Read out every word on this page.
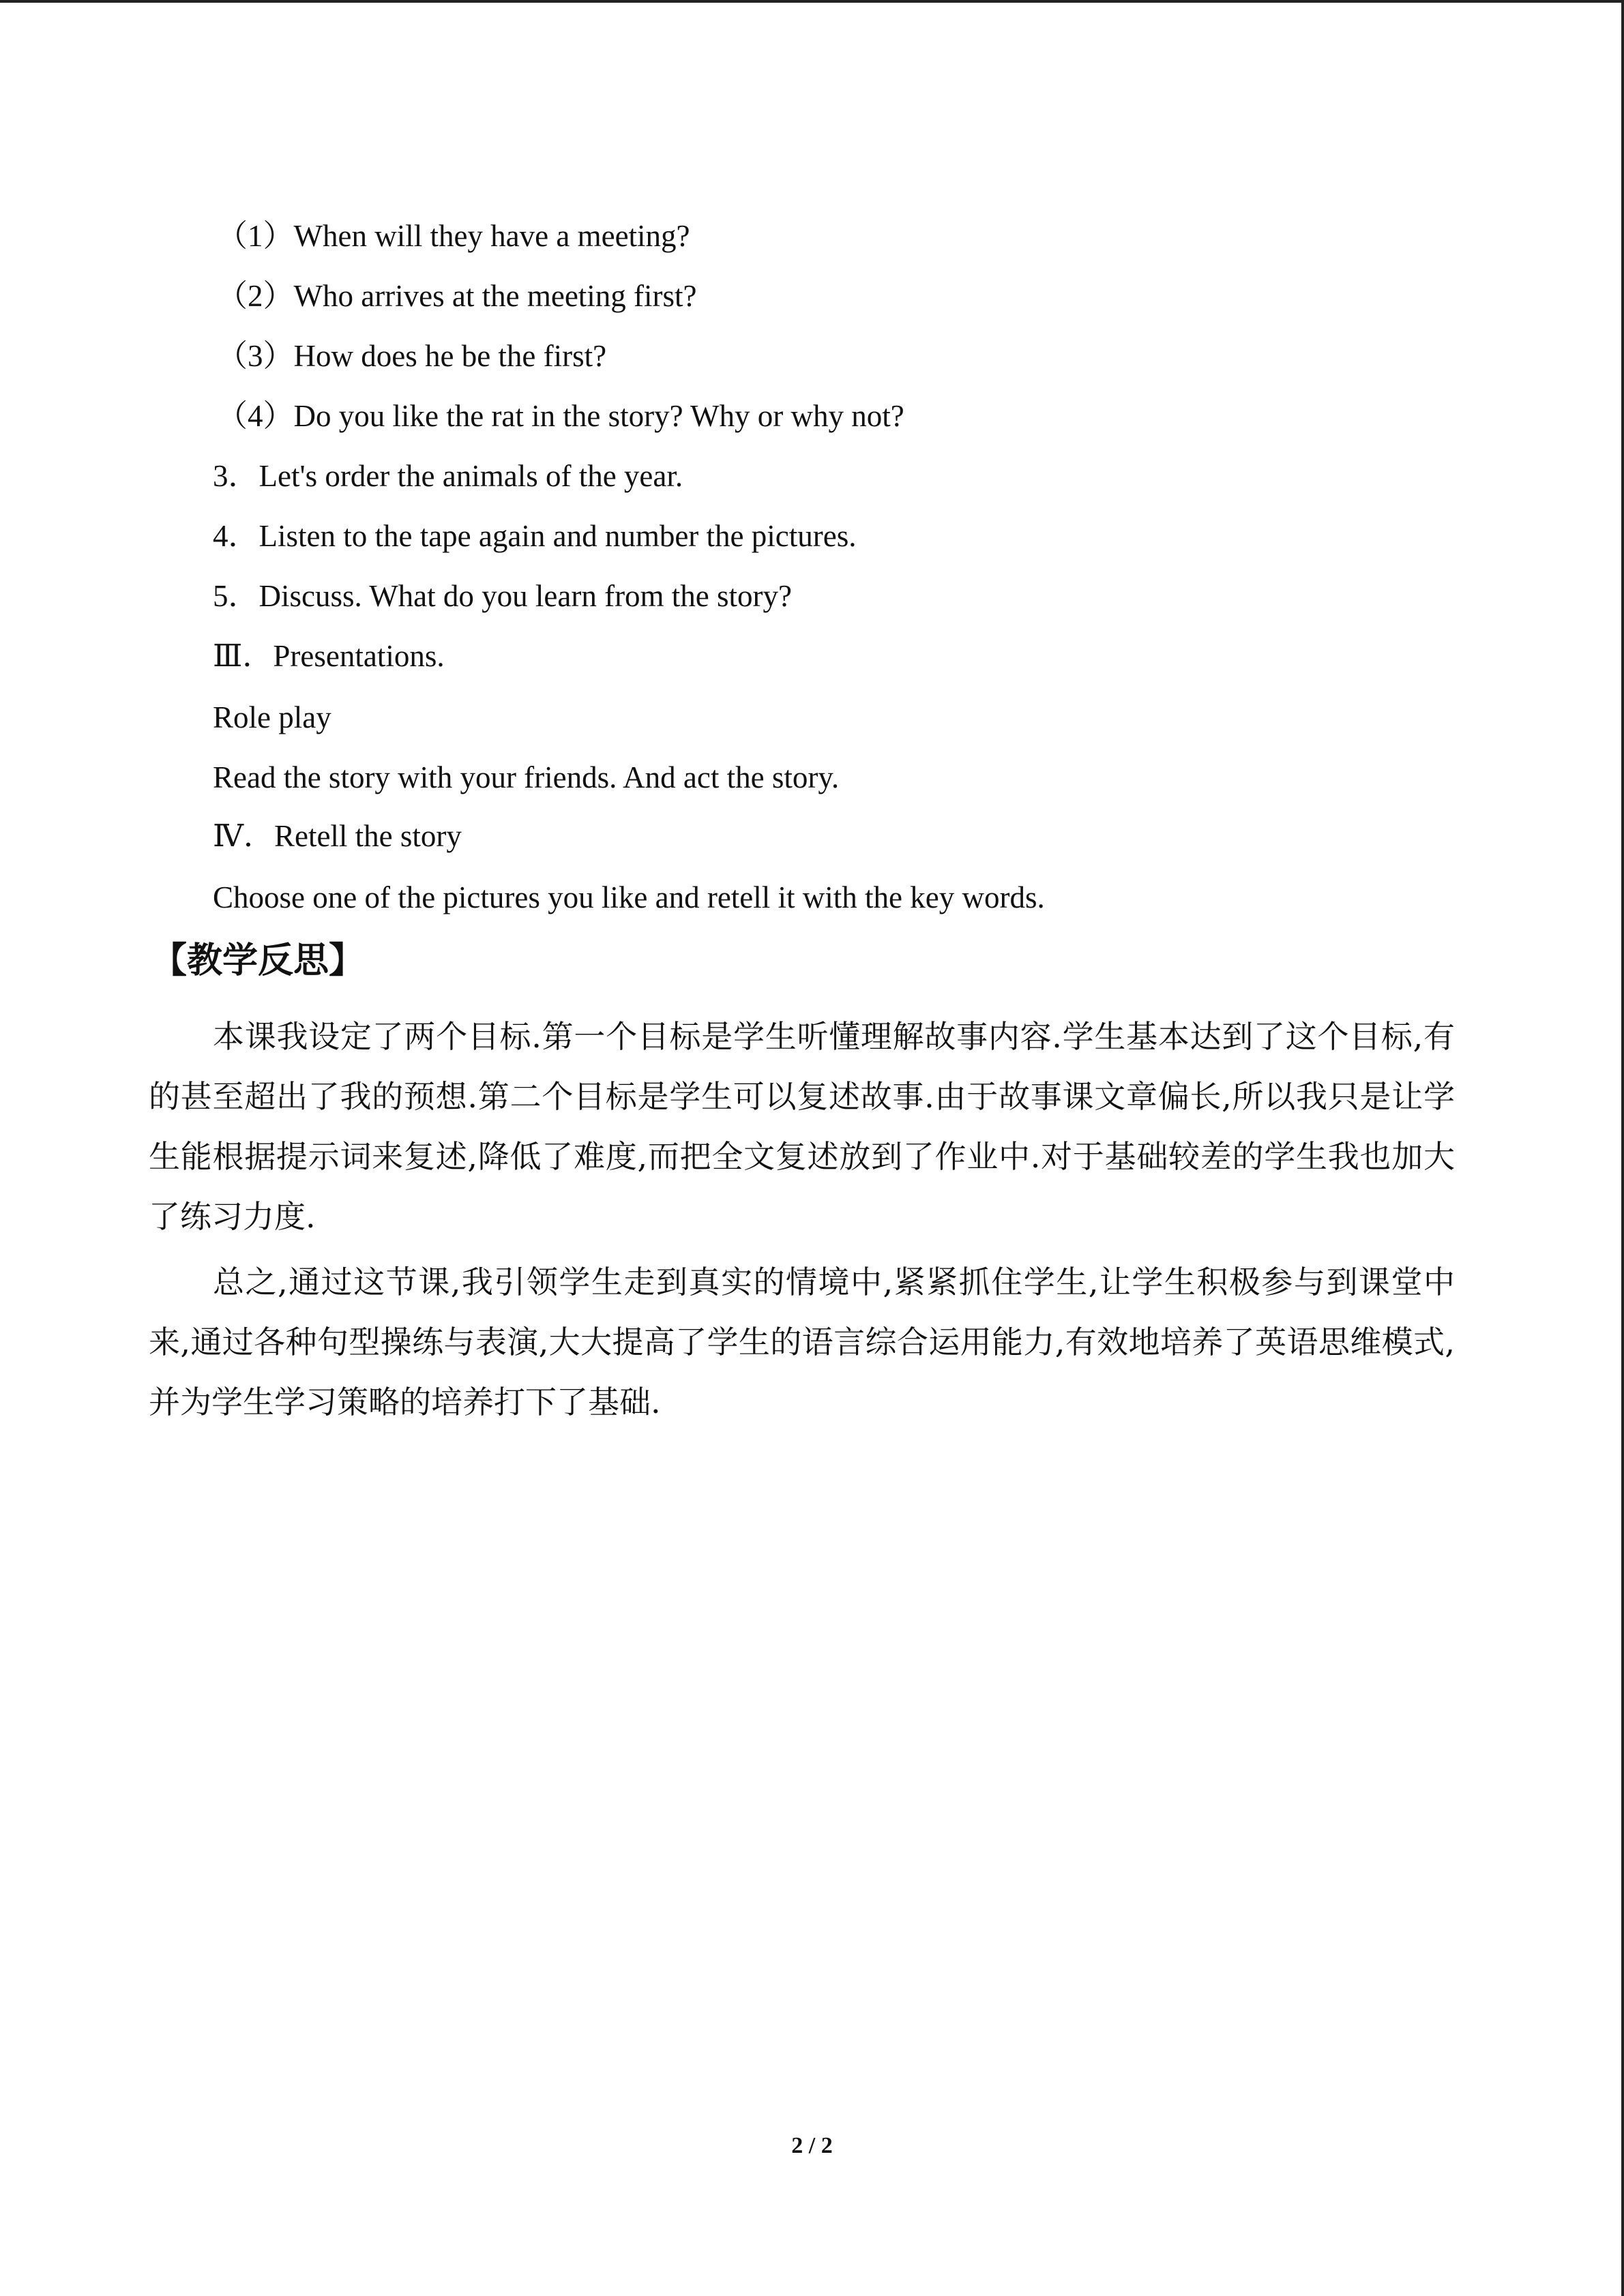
（1）When will they have a meeting?
（2）Who arrives at the meeting first?
（3）How does he be the first?
（4）Do you like the rat in the story? Why or why not?
3．Let's order the animals of the year.
4．Listen to the tape again and number the pictures.
5．Discuss. What do you learn from the story?
Ⅲ．Presentations.
Role play
Read the story with your friends. And act the story.
Ⅳ．Retell the story
Choose one of the pictures you like and retell it with the key words.
【教学反思】
本课我设定了两个目标.第一个目标是学生听懂理解故事内容.学生基本达到了这个目标,有的甚至超出了我的预想.第二个目标是学生可以复述故事.由于故事课文章偏长,所以我只是让学生能根据提示词来复述,降低了难度,而把全文复述放到了作业中.对于基础较差的学生我也加大了练习力度.
总之,通过这节课,我引领学生走到真实的情境中,紧紧抓住学生,让学生积极参与到课堂中来,通过各种句型操练与表演,大大提高了学生的语言综合运用能力,有效地培养了英语思维模式,并为学生学习策略的培养打下了基础.
2 / 2
